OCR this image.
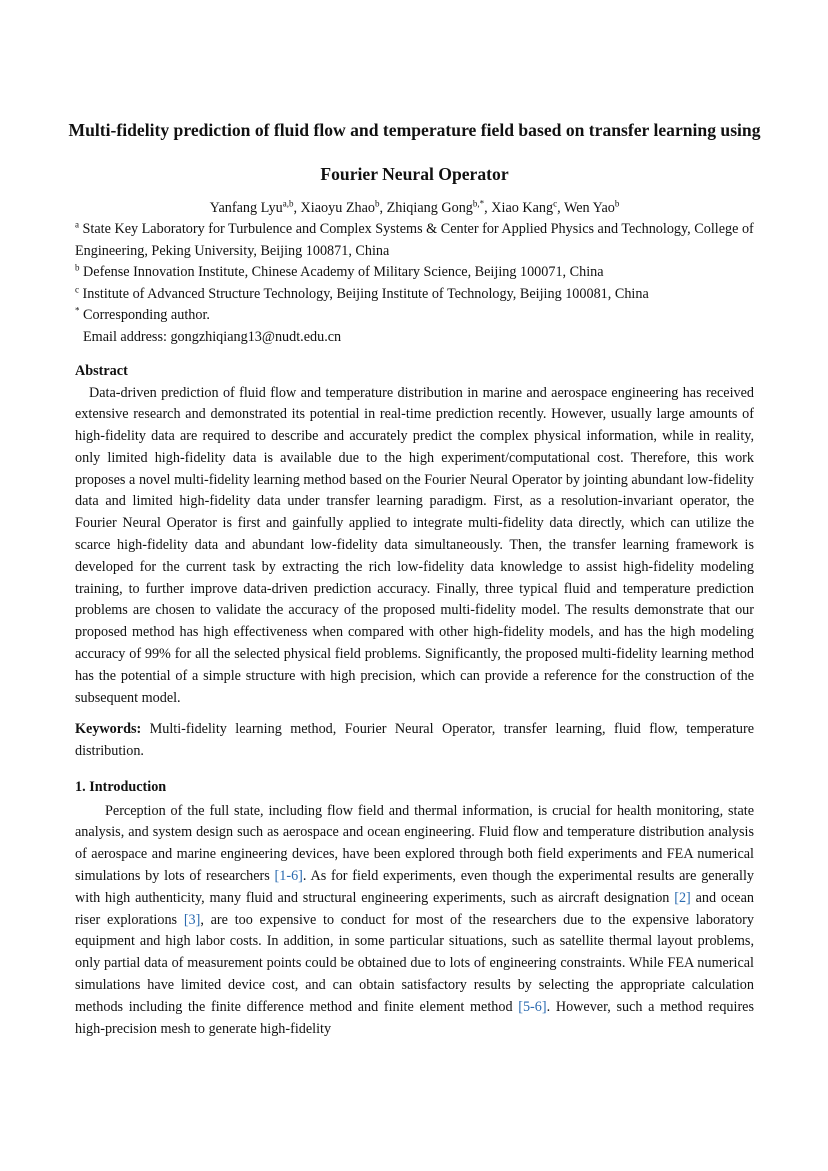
Multi-fidelity prediction of fluid flow and temperature field based on transfer learning using Fourier Neural Operator
Yanfang Lyu$^{a,b}$, Xiaoyu Zhao$^b$, Zhiqiang Gong$^{b,*}$, Xiao Kang$^c$, Wen Yao$^b$
$^a$ State Key Laboratory for Turbulence and Complex Systems & Center for Applied Physics and Technology, College of Engineering, Peking University, Beijing 100871, China
$^b$ Defense Innovation Institute, Chinese Academy of Military Science, Beijing 100071, China
$^c$ Institute of Advanced Structure Technology, Beijing Institute of Technology, Beijing 100081, China
* Corresponding author.
Email address: gongzhiqiang13@nudt.edu.cn
Abstract

Data-driven prediction of fluid flow and temperature distribution in marine and aerospace engineering has received extensive research and demonstrated its potential in real-time prediction recently. However, usually large amounts of high-fidelity data are required to describe and accurately predict the complex physical information, while in reality, only limited high-fidelity data is available due to the high experiment/computational cost. Therefore, this work proposes a novel multi-fidelity learning method based on the Fourier Neural Operator by jointing abundant low-fidelity data and limited high-fidelity data under transfer learning paradigm. First, as a resolution-invariant operator, the Fourier Neural Operator is first and gainfully applied to integrate multi-fidelity data directly, which can utilize the scarce high-fidelity data and abundant low-fidelity data simultaneously. Then, the transfer learning framework is developed for the current task by extracting the rich low-fidelity data knowledge to assist high-fidelity modeling training, to further improve data-driven prediction accuracy. Finally, three typical fluid and temperature prediction problems are chosen to validate the accuracy of the proposed multi-fidelity model. The results demonstrate that our proposed method has high effectiveness when compared with other high-fidelity models, and has the high modeling accuracy of 99% for all the selected physical field problems. Significantly, the proposed multi-fidelity learning method has the potential of a simple structure with high precision, which can provide a reference for the construction of the subsequent model.

Keywords: Multi-fidelity learning method, Fourier Neural Operator, transfer learning, fluid flow, temperature distribution.

1. Introduction

Perception of the full state, including flow field and thermal information, is crucial for health monitoring, state analysis, and system design such as aerospace and ocean engineering. Fluid flow and temperature distribution analysis of aerospace and marine engineering devices, have been explored through both field experiments and FEA numerical simulations by lots of researchers [1-6]. As for field experiments, even though the experimental results are generally with high authenticity, many fluid and structural engineering experiments, such as aircraft designation [2] and ocean riser explorations [3], are too expensive to conduct for most of the researchers due to the expensive laboratory equipment and high labor costs. In addition, in some particular situations, such as satellite thermal layout problems, only partial data of measurement points could be obtained due to lots of engineering constraints. While FEA numerical simulations have limited device cost, and can obtain satisfactory results by selecting the appropriate calculation methods including the finite difference method and finite element method [5-6]. However, such a method requires high-precision mesh to generate high-fidelity
